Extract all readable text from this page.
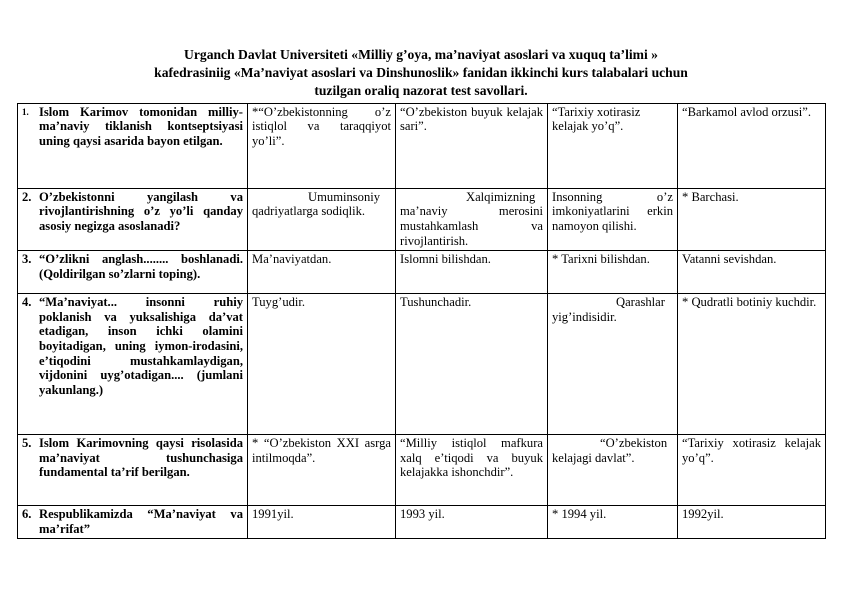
Urganch Davlat Universiteti «Milliy g’oya, ma’naviyat asoslari va xuquq ta’limi »
kafedrasiniig «Ma’naviyat asoslari va Dinshunoslik» fanidan ikkinchi kurs talabalari uchun
tuzilgan oraliq nazorat test savollari.
1. Islom Karimov tomonidan milliy-ma’naviy tiklanish kontseptsiyasi uning qaysi asarida bayon etilgan.	*“O’zbekistonning o’z istiqlol va taraqqiyot yo’li”.	“O’zbekiston buyuk kelajak sari”.	“Tarixiy xotirasiz kelajak yo’q”.	“Barkamol avlod orzusi”.

2. O’zbekistonni yangilash va rivojlantirishning o’z yo’li qanday asosiy negizga asoslanadi?	Umuminsoniy qadriyatlarga sodiqlik.	Xalqimizning ma’naviy merosini mustahkamlash va rivojlantirish.	Insonning o’z imkoniyatlarini erkin namoyon qilishi.	* Barchasi.

3. “O’zlikni anglash........ boshlanadi. (Qoldirilgan so’zlarni toping).	Ma’naviyatdan.	Islomni bilishdan.	* Tarixni bilishdan.	Vatanni sevishdan.

4. “Ma’naviyat... insonni ruhiy poklanish va yuksalishiga da’vat etadigan, inson ichki olamini boyitadigan, uning iymon-irodasini, e’tiqodini mustahkamlaydigan, vijdonini uyg’otadigan.... (jumlani yakunlang.)	Tuyg’udir.	Tushunchadir.	Qarashlar yig’indisidir.	* Qudratli botiniy kuchdir.

5. Islom Karimovning qaysi risolasida ma’naviyat tushunchasiga fundamental ta’rif berilgan.	* “O’zbekiston XXI asrga intilmoqda”.	“Milliy istiqlol mafkura xalq e’tiqodi va buyuk kelajakka ishonchdir”.	“O’zbekiston kelajagi davlat”.	“Tarixiy xotirasiz kelajak yo’q”.

6. Respublikamizda “Ma’naviyat va ma’rifat”	1991yil.	1993 yil.	* 1994 yil.	1992yil.
